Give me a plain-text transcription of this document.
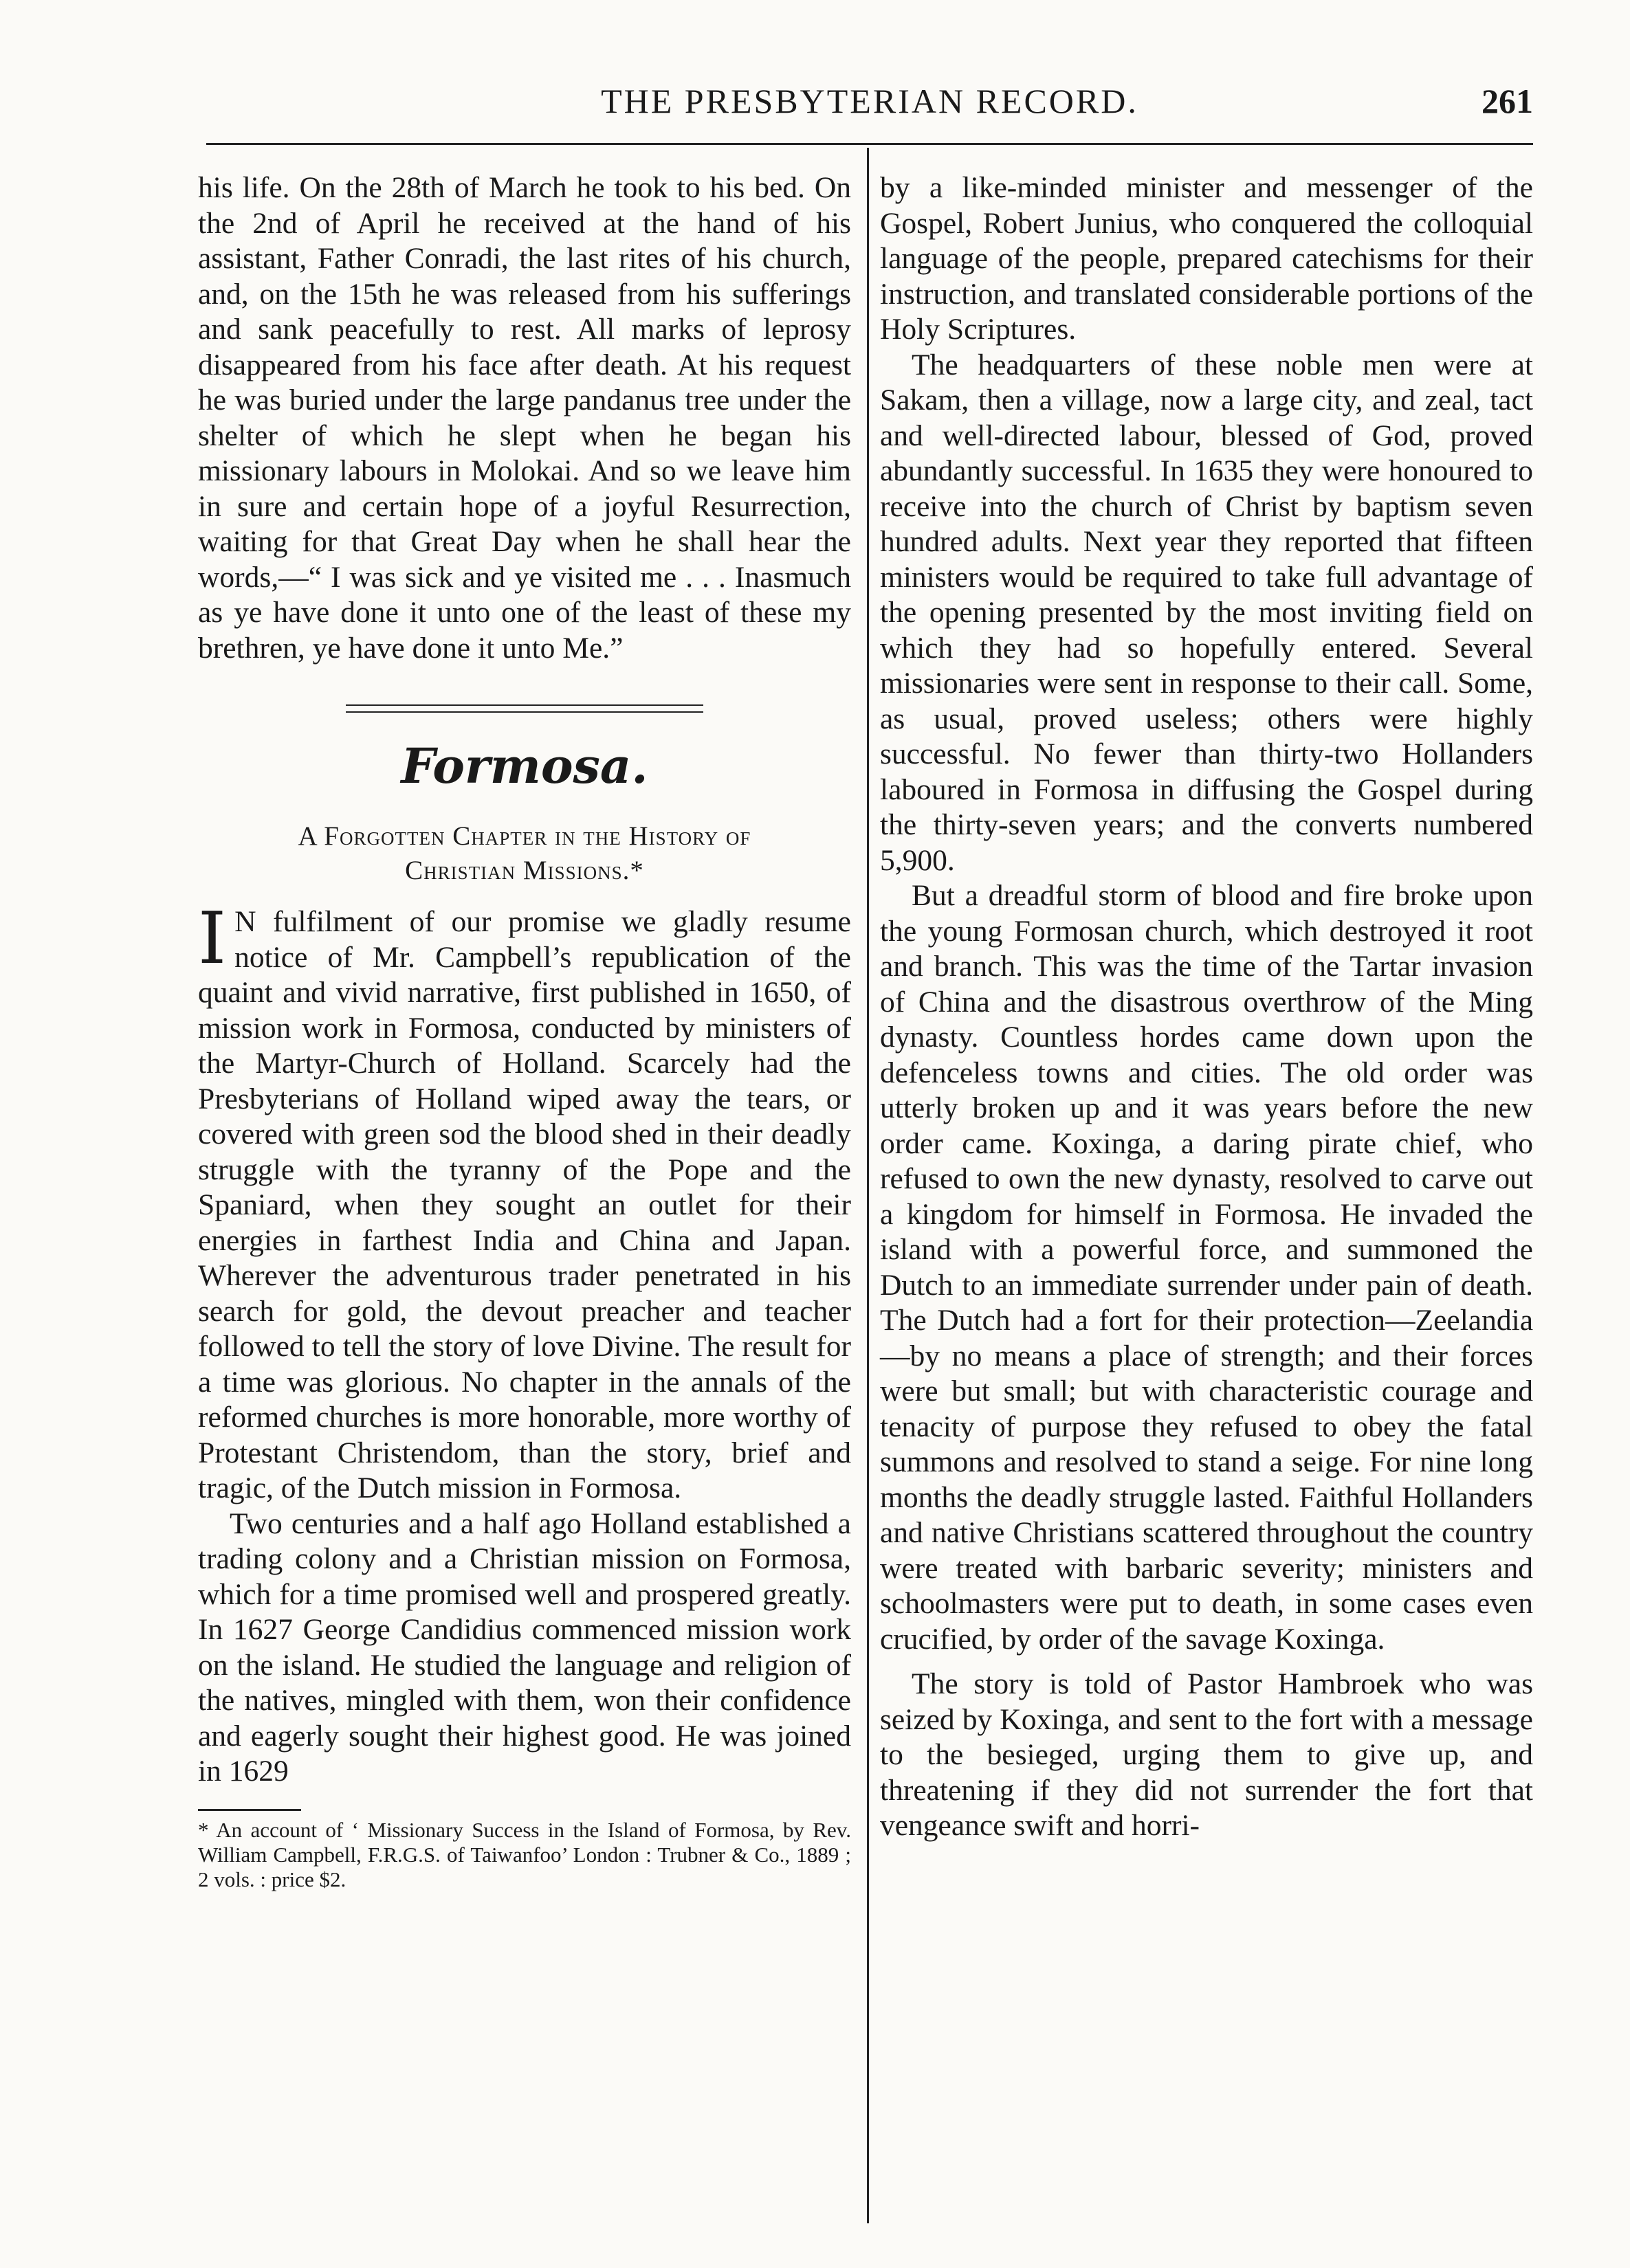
THE PRESBYTERIAN RECORD.	261

his life. On the 28th of March he took to his bed. On the 2nd of April he received at the hand of his assistant, Father Conradi, the last rites of his church, and, on the 15th he was released from his sufferings and sank peacefully to rest. All marks of leprosy disappeared from his face after death. At his request he was buried under the large pandanus tree under the shelter of which he slept when he began his missionary labours in Molokai. And so we leave him in sure and certain hope of a joyful Resurrection, waiting for that Great Day when he shall hear the words,—“ I was sick and ye visited me . . . Inasmuch as ye have done it unto one of the least of these my brethren, ye have done it unto Me.”

Formosa.
A Forgotten Chapter in the History of
Christian Missions.*

I N fulfilment of our promise we gladly resume notice of Mr. Campbell’s republication of the quaint and vivid narrative, first published in 1650, of mission work in Formosa, conducted by ministers of the Martyr-Church of Holland. Scarcely had the Presbyterians of Holland wiped away the tears, or covered with green sod the blood shed in their deadly struggle with the tyranny of the Pope and the Spaniard, when they sought an outlet for their energies in farthest India and China and Japan. Wherever the adventurous trader penetrated in his search for gold, the devout preacher and teacher followed to tell the story of love Divine. The result for a time was glorious. No chapter in the annals of the reformed churches is more honorable, more worthy of Protestant Christendom, than the story, brief and tragic, of the Dutch mission in Formosa.

Two centuries and a half ago Holland established a trading colony and a Christian mission on Formosa, which for a time promised well and prospered greatly. In 1627 George Candidius commenced mission work on the island. He studied the language and religion of the natives, mingled with them, won their confidence and eagerly sought their highest good. He was joined in 1629

* An account of ‘ Missionary Success in the Island of Formosa, by Rev. William Campbell, F.R.G.S. of Taiwanfoo’ London : Trubner & Co., 1889 ; 2 vols. : price $2.

by a like-minded minister and messenger of the Gospel, Robert Junius, who conquered the colloquial language of the people, prepared catechisms for their instruction, and translated considerable portions of the Holy Scriptures.

The headquarters of these noble men were at Sakam, then a village, now a large city, and zeal, tact and well-directed labour, blessed of God, proved abundantly successful. In 1635 they were honoured to receive into the church of Christ by baptism seven hundred adults. Next year they reported that fifteen ministers would be required to take full advantage of the opening presented by the most inviting field on which they had so hopefully entered. Several missionaries were sent in response to their call. Some, as usual, proved useless; others were highly successful. No fewer than thirty-two Hollanders laboured in Formosa in diffusing the Gospel during the thirty-seven years; and the converts numbered 5,900.

But a dreadful storm of blood and fire broke upon the young Formosan church, which destroyed it root and branch. This was the time of the Tartar invasion of China and the disastrous overthrow of the Ming dynasty. Countless hordes came down upon the defenceless towns and cities. The old order was utterly broken up and it was years before the new order came. Koxinga, a daring pirate chief, who refused to own the new dynasty, resolved to carve out a kingdom for himself in Formosa. He invaded the island with a powerful force, and summoned the Dutch to an immediate surrender under pain of death. The Dutch had a fort for their protection—Zeelandia—by no means a place of strength; and their forces were but small; but with characteristic courage and tenacity of purpose they refused to obey the fatal summons and resolved to stand a seige. For nine long months the deadly struggle lasted. Faithful Hollanders and native Christians scattered throughout the country were treated with barbaric severity; ministers and schoolmasters were put to death, in some cases even crucified, by order of the savage Koxinga.

The story is told of Pastor Hambroek who was seized by Koxinga, and sent to the fort with a message to the besieged, urging them to give up, and threatening if they did not surrender the fort that vengeance swift and horri-
